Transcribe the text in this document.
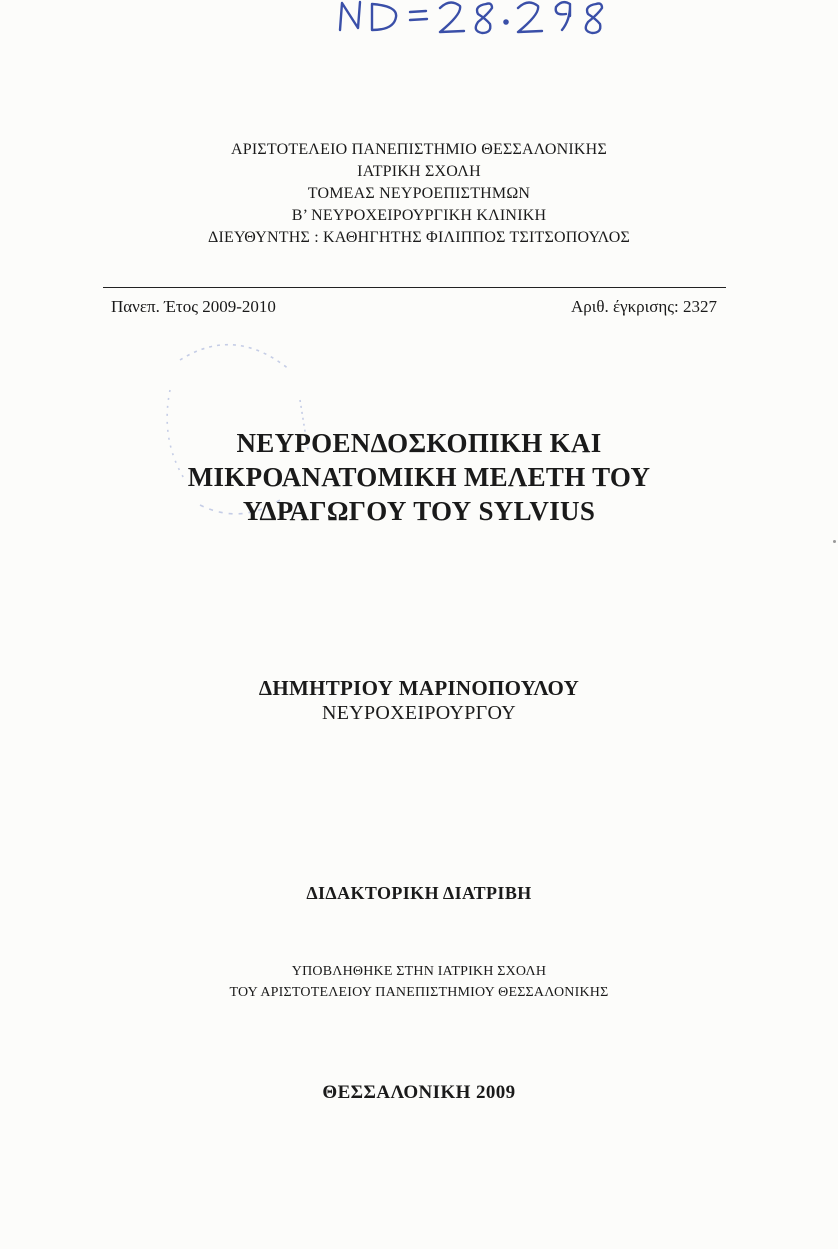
ΑΡΙΣΤΟΤΕΛΕΙΟ ΠΑΝΕΠΙΣΤΗΜΙΟ ΘΕΣΣΑΛΟΝΙΚΗΣ
ΙΑΤΡΙΚΗ ΣΧΟΛΗ
ΤΟΜΕΑΣ ΝΕΥΡΟΕΠΙΣΤΗΜΩΝ
Β’ ΝΕΥΡΟΧΕΙΡΟΥΡΓΙΚΗ ΚΛΙΝΙΚΗ
ΔΙΕΥΘΥΝΤΗΣ : ΚΑΘΗΓΗΤΗΣ ΦΙΛΙΠΠΟΣ ΤΣΙΤΣΟΠΟΥΛΟΣ
Πανεπ. Έτος 2009-2010	Αριθ. έγκρισης: 2327
ΝΕΥΡΟΕΝΔΟΣΚΟΠΙΚΗ ΚΑΙ
ΜΙΚΡΟΑΝΑΤΟΜΙΚΗ ΜΕΛΕΤΗ ΤΟΥ
ΥΔΡΑΓΩΓΟΥ ΤΟΥ SYLVIUS
ΔΗΜΗΤΡΙΟΥ ΜΑΡΙΝΟΠΟΥΛΟΥ
ΝΕΥΡΟΧΕΙΡΟΥΡΓΟΥ
ΔΙΔΑΚΤΟΡΙΚΗ ΔΙΑΤΡΙΒΗ
ΥΠΟΒΛΗΘΗΚΕ ΣΤΗΝ ΙΑΤΡΙΚΗ ΣΧΟΛΗ
ΤΟΥ ΑΡΙΣΤΟΤΕΛΕΙΟΥ ΠΑΝΕΠΙΣΤΗΜΙΟΥ ΘΕΣΣΑΛΟΝΙΚΗΣ
ΘΕΣΣΑΛΟΝΙΚΗ 2009
